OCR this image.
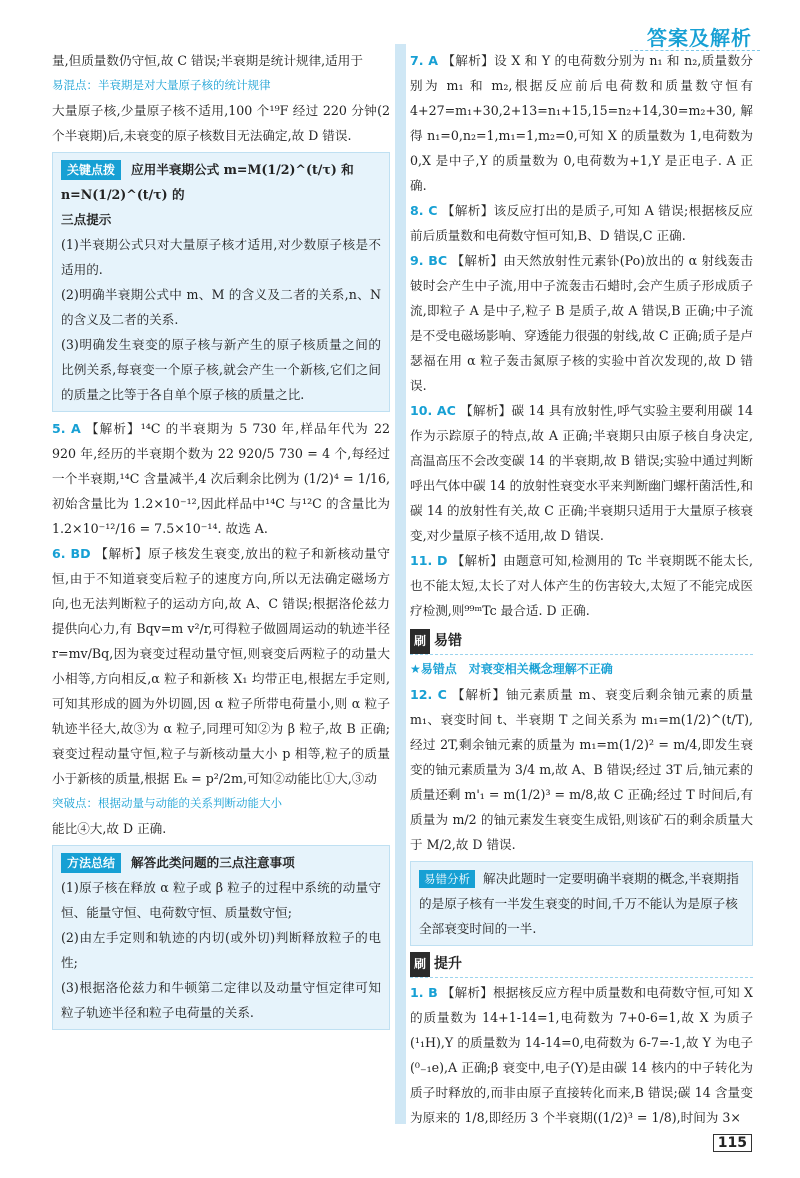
答案及解析

量,但质量数仍守恒,故 C 错误;半衰期是统计规律,适用于

易混点：半衰期是对大量原子核的统计规律

大量原子核,少量原子核不适用,100 个¹⁹F 经过 220 分钟(2 个半衰期)后,未衰变的原子核数目无法确定,故 D 错误.

关键点拨 应用半衰期公式 m=M(1/2)^(t/τ) 和 n=N(1/2)^(t/τ) 的
三点提示

(1)半衰期公式只对大量原子核才适用,对少数原子核是不适用的.

(2)明确半衰期公式中 m、M 的含义及二者的关系,n、N 的含义及二者的关系.

(3)明确发生衰变的原子核与新产生的原子核质量之间的比例关系,每衰变一个原子核,就会产生一个新核,它们之间的质量之比等于各自单个原子核的质量之比.

5. A 【解析】¹⁴C 的半衰期为 5 730 年,样品年代为 22 920 年,经历的半衰期个数为 22 920/5 730 = 4 个,每经过一个半衰期,¹⁴C 含量减半,4 次后剩余比例为 (1/2)⁴ = 1/16,初始含量比为 1.2×10⁻¹²,因此样品中¹⁴C 与¹²C 的含量比为 1.2×10⁻¹²/16 = 7.5×10⁻¹⁴. 故选 A.

6. BD 【解析】原子核发生衰变,放出的粒子和新核动量守恒,由于不知道衰变后粒子的速度方向,所以无法确定磁场方向,也无法判断粒子的运动方向,故 A、C 错误;根据洛伦兹力提供向心力,有 Bqv=m v²/r,可得粒子做圆周运动的轨迹半径 r=mv/Bq,因为衰变过程动量守恒,则衰变后两粒子的动量大小相等,方向相反,α 粒子和新核 X₁ 均带正电,根据左手定则,可知其形成的圆为外切圆,因 α 粒子所带电荷量小,则 α 粒子轨迹半径大,故③为 α 粒子,同理可知②为 β 粒子,故 B 正确;衰变过程动量守恒,粒子与新核动量大小 p 相等,粒子的质量小于新核的质量,根据 Eₖ = p²/2m,可知②动能比①大,③动

突破点：根据动量与动能的关系判断动能大小

能比④大,故 D 正确.

方法总结 解答此类问题的三点注意事项

(1)原子核在释放 α 粒子或 β 粒子的过程中系统的动量守恒、能量守恒、电荷数守恒、质量数守恒;

(2)由左手定则和轨迹的内切(或外切)判断释放粒子的电性;

(3)根据洛伦兹力和牛顿第二定律以及动量守恒定律可知粒子轨迹半径和粒子电荷量的关系.

7. A 【解析】设 X 和 Y 的电荷数分别为 n₁ 和 n₂,质量数分别为 m₁ 和 m₂,根据反应前后电荷数和质量数守恒有 4+27=m₁+30,2+13=n₁+15,15=n₂+14,30=m₂+30,解得 n₁=0,n₂=1,m₁=1,m₂=0,可知 X 的质量数为 1,电荷数为 0,X 是中子,Y 的质量数为 0,电荷数为+1,Y 是正电子. A 正确.

8. C 【解析】该反应打出的是质子,可知 A 错误;根据核反应前后质量数和电荷数守恒可知,B、D 错误,C 正确.

9. BC 【解析】由天然放射性元素钋(Po)放出的 α 射线轰击铍时会产生中子流,用中子流轰击石蜡时,会产生质子形成质子流,即粒子 A 是中子,粒子 B 是质子,故 A 错误,B 正确;中子流是不受电磁场影响、穿透能力很强的射线,故 C 正确;质子是卢瑟福在用 α 粒子轰击氮原子核的实验中首次发现的,故 D 错误.

10. AC 【解析】碳 14 具有放射性,呼气实验主要利用碳 14 作为示踪原子的特点,故 A 正确;半衰期只由原子核自身决定,高温高压不会改变碳 14 的半衰期,故 B 错误;实验中通过判断呼出气体中碳 14 的放射性衰变水平来判断幽门螺杆菌活性,和碳 14 的放射性有关,故 C 正确;半衰期只适用于大量原子核衰变,对少量原子核不适用,故 D 错误.

11. D 【解析】由题意可知,检测用的 Tc 半衰期既不能太长,也不能太短,太长了对人体产生的伤害较大,太短了不能完成医疗检测,则⁹⁹ᵐTc 最合适. D 正确.

刷 易错
★易错点　对衰变相关概念理解不正确

12. C 【解析】铀元素质量 m、衰变后剩余铀元素的质量 m₁、衰变时间 t、半衰期 T 之间关系为 m₁=m(1/2)^(t/T),经过 2T,剩余铀元素的质量为 m₁=m(1/2)² = m/4,即发生衰变的铀元素质量为 3/4 m,故 A、B 错误;经过 3T 后,铀元素的质量还剩 m'₁ = m(1/2)³ = m/8,故 C 正确;经过 T 时间后,有质量为 m/2 的铀元素发生衰变生成铅,则该矿石的剩余质量大于 M/2,故 D 错误.

易错分析 解决此题时一定要明确半衰期的概念,半衰期指的是原子核有一半发生衰变的时间,千万不能认为是原子核全部衰变时间的一半.
刷 提升

1. B 【解析】根据核反应方程中质量数和电荷数守恒,可知 X 的质量数为 14+1-14=1,电荷数为 7+0-6=1,故 X 为质子(¹₁H),Y 的质量数为 14-14=0,电荷数为 6-7=-1,故 Y 为电子(⁰₋₁e),A 正确;β 衰变中,电子(Y)是由碳 14 核内的中子转化为质子时释放的,而非由原子直接转化而来,B 错误;碳 14 含量变为原来的 1/8,即经历 3 个半衰期((1/2)³ = 1/8),时间为 3×

115
